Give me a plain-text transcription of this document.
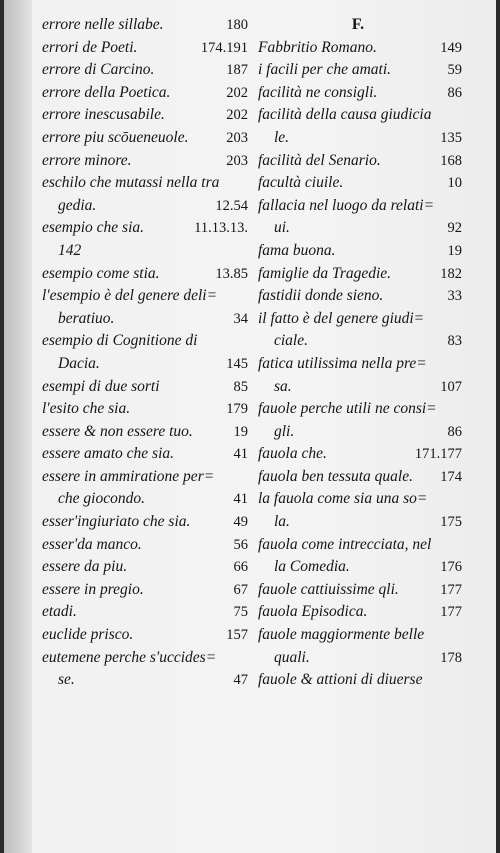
errore nelle sillabe.	180
errori de Poeti.	174.191
errore di Carcino.	187
errore della Poetica.	202
errore inescusabile.	202
errore piu scōueneuole.	203
errore minore.	203
eschilo che mutassi nella tra
gedia.	12.54
esempio che sia.	11.13.13.
142
esempio come stia.	13.85
l'esempio è del genere deli=
beratiuo.	34
esempio di Cognitione di
Dacia.	145
esempi di due sorti	85
l'esito che sia.	179
essere & non essere tuo.	19
essere amato che sia.	41
essere in ammiratione per=
che giocondo.	41
esser'ingiuriato che sia.	49
esser'da manco.	56
essere da piu.	66
essere in pregio.	67
etadi.	75
euclide prisco.	157
eutemene perche s'uccides=
se.	47
F.
Fabbritio Romano.	149
i facili per che amati.	59
facilità ne consigli.	86
facilità della causa giudicia
le.	135
facilità del Senario.	168
facultà ciuile.	10
fallacia nel luogo da relati=
ui.	92
fama buona.	19
famiglie da Tragedie.	182
fastidii donde sieno.	33
il fatto è del genere giudi=
ciale.	83
fatica utilissima nella pre=
sa.	107
fauole perche utili ne consi=
gli.	86
fauola che.	171.177
fauola ben tessuta quale. 174
la fauola come sia una so=
la.	175
fauola come intrecciata, nel
la Comedia.	176
fauole cattiuissime qli.	177
fauola Episodica.	177
fauole maggiormente belle
quali.	178
fauole & attioni di diuerse
